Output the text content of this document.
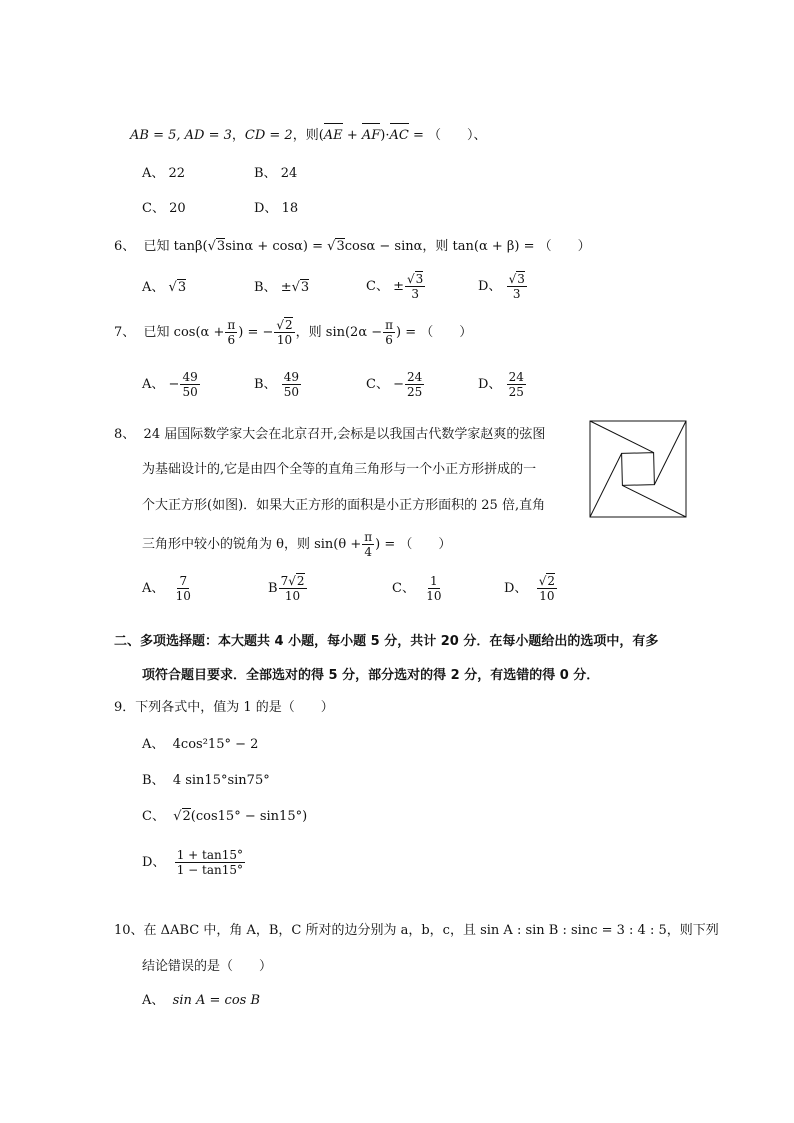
AB = 5, AD = 3，CD = 2，则(AE + AF)·AC = （　　）、
A、 22	B、 24
C、 20	D、 18
6、 已知 tanβ(√3sinα + cosα) = √3cosα − sinα，则 tan(α + β) = （　　）
A、 √3	B、 ±√3	C、 ± $\frac{√3}{3}$	D、 $\frac{√3}{3}$
7、 已知 $\cos(\alpha + \frac{\pi}{6}$ ) = − $\frac{√2}{10}$ ，则 $\sin(2\alpha - \frac{\pi}{6}$ ) = （　　）
A、 − $\frac{49}{50}$	B、 $\frac{49}{50}$	C、 − $\frac{24}{25}$	D、 $\frac{24}{25}$
8、 24 届国际数学家大会在北京召开,会标是以我国古代数学家赵爽的弦图
为基础设计的,它是由四个全等的直角三角形与一个小正方形拼成的一
个大正方形(如图)．如果大正方形的面积是小正方形面积的 25 倍,直角
三角形中较小的锐角为 θ，则 $\sin(\theta + \frac{\pi}{4}$ ) = （　　）
A、 $\frac{7}{10}$	B $\frac{7√2}{10}$	C、 $\frac{1}{10}$	D、 $\frac{√2}{10}$
二、多项选择题：本大题共 4 小题，每小题 5 分，共计 20 分．在每小题给出的选项中，有多
项符合题目要求．全部选对的得 5 分，部分选对的得 2 分，有选错的得 0 分．
9．下列各式中，值为 1 的是（　　）
A、 4cos²15° − 2
B、 4 sin15°sin75°
C、  √2(cos15° − sin15°)
D、 $\frac{1 + \tan 15^\circ}{1 - \tan 15^\circ}$
10、在 ΔABC 中，角 A，B，C 所对的边分别为 a，b，c，且 sin A : sin B : sinc = 3 : 4 : 5，则下列
结论错误的是（　　）
A、 sin A = cos B
